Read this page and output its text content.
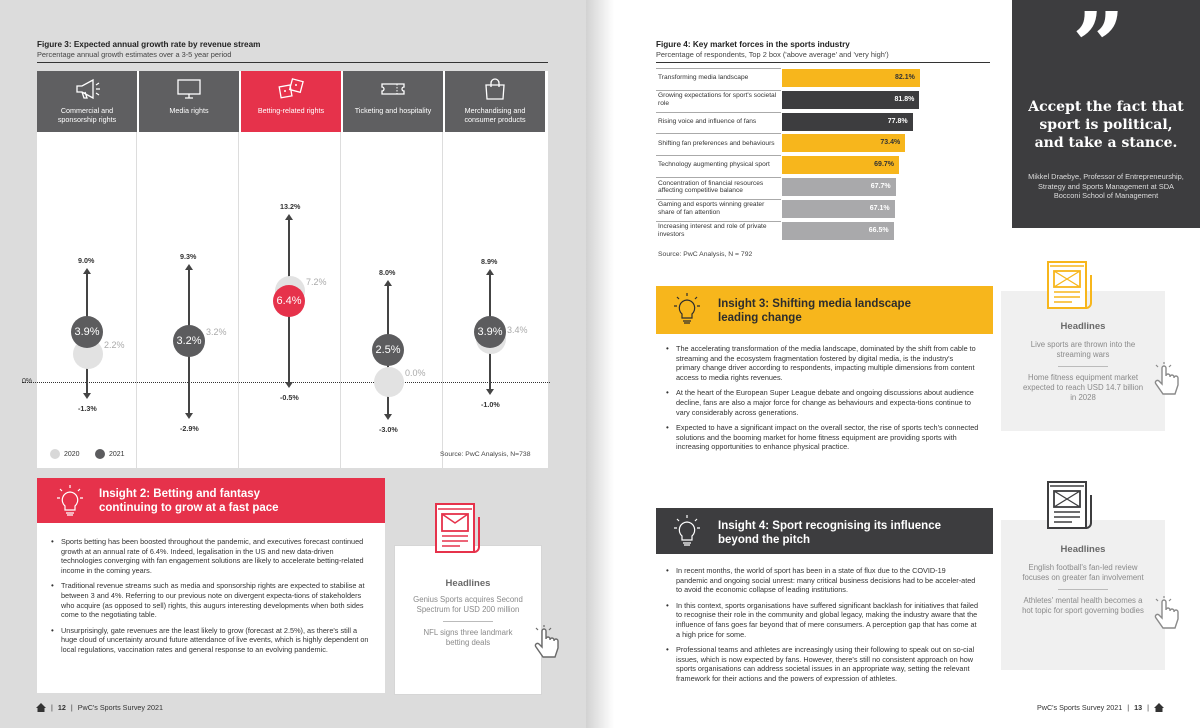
Figure 3: Expected annual growth rate by revenue stream
Percentage annual growth estimates over a 3-5 year period
Commercial and sponsorship rights
Media rights	Betting-related rights	Ticketing and hospitality	Merchandising and consumer products
0%
9.0%
-1.3%
2.2%
3.9%
9.3%
-2.9%
3.2%
3.2%
13.2%
-0.5%
7.2%
6.4%
8.0%
-3.0%
0.0%
2.5%
8.9%
-1.0%
3.4%
3.9%
2020	2021	Source: PwC Analysis, N=738
Insight 2: Betting and fantasy
continuing to grow at a fast pace
• Sports betting has been boosted throughout the pandemic, and executives forecast continued growth at an annual rate of 6.4%. Indeed, legalisation in the US and new data-driven technologies converging with fan engagement solutions are likely to accelerate betting-related income in the coming years.
• Traditional revenue streams such as media and sponsorship rights are expected to stabilise at between 3 and 4%. Referring to our previous note on divergent expecta-tions of stakeholders who acquire (as opposed to sell) rights, this augurs interesting developments when both sides come to the negotiating table.
• Unsurprisingly, gate revenues are the least likely to grow (forecast at 2.5%), as there's still a huge cloud of uncertainty around future attendance of live events, which is highly dependent on local regulations, vaccination rates and general response to an evolving pandemic.
Headlines
Genius Sports acquires Second Spectrum for USD 200 million
NFL signs three landmark betting deals
| 12 | PwC's Sports Survey 2021
Figure 4: Key market forces in the sports industry
Percentage of respondents, Top 2 box ('above average' and 'very high')
Transforming media landscape	82.1%
Growing expectations for sport's societal role
81.8%
Rising voice and influence of fans	77.8%
Shifting fan preferences and behaviours	73.4%
Technology augmenting physical sport	69.7%
Concentration of financial resources affecting competitive balance
67.7%
Gaming and esports winning greater share of fan attention
67.1%
Increasing interest and role of private investors
66.5%
Source: PwC Analysis, N = 792
”
Accept the fact that sport is political, and take a stance.
Mikkel Draebye, Professor of Entrepreneurship, Strategy and Sports Management at SDA Bocconi School of Management
Insight 3: Shifting media landscape
leading change
• The accelerating transformation of the media landscape, dominated by the shift from cable to streaming and the ecosystem fragmentation fostered by digital media, is the industry's primary change driver according to respondents, impacting multiple dimensions from content access to media rights revenues.
• At the heart of the European Super League debate and ongoing discussions about audience decline, fans are also a major force for change as behaviours and expecta-tions continue to vary considerably across generations.
• Expected to have a significant impact on the overall sector, the rise of sports tech's connected solutions and the booming market for home fitness equipment are providing sports with increasing opportunities to enhance physical practice.
Headlines
Live sports are thrown into the streaming wars
Home fitness equipment market expected to reach USD 14.7 billion in 2028
Insight 4: Sport recognising its influence
beyond the pitch
• In recent months, the world of sport has been in a state of flux due to the COVID-19 pandemic and ongoing social unrest: many critical business decisions had to be acceler-ated to avoid the economic collapse of leading institutions.
• In this context, sports organisations have suffered significant backlash for initiatives that failed to recognise their role in the community and global legacy, making the industry aware that the influence of fans goes far beyond that of mere consumers. A perception gap that has come at a high price for some.
• Professional teams and athletes are increasingly using their following to speak out on so-cial issues, which is now expected by fans. However, there's still no consistent approach on how sports organisations can address societal issues in an appropriate way, setting the relevant framework for their actions and the powers of expression of athletes.
Headlines
English football's fan-led review focuses on greater fan involvement
Athletes' mental health becomes a hot topic for sport governing bodies
PwC's Sports Survey 2021 | 13 |
